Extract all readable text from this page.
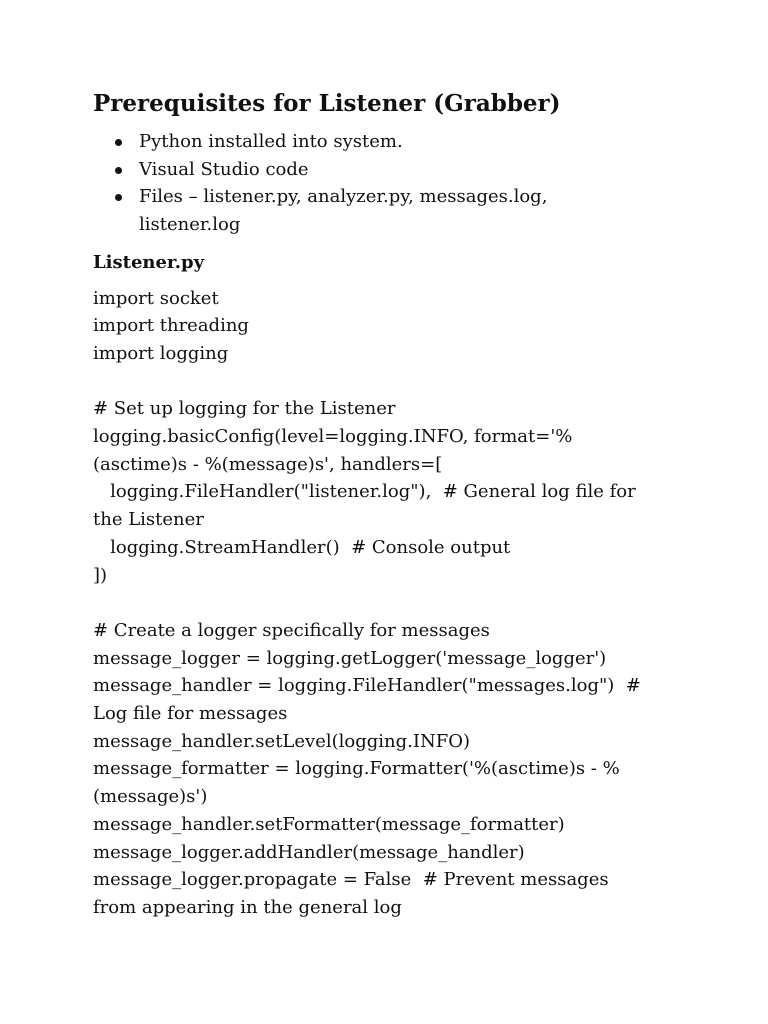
Prerequisites for Listener (Grabber)
Python installed into system.
Visual Studio code
Files – listener.py, analyzer.py, messages.log,
listener.log
Listener.py
import socket
import threading
import logging
# Set up logging for the Listener
logging.basicConfig(level=logging.INFO, format='%
(asctime)s - %(message)s', handlers=[
logging.FileHandler("listener.log"),  # General log file for
the Listener
logging.StreamHandler()  # Console output
])
# Create a logger specifically for messages
message_logger = logging.getLogger('message_logger')
message_handler = logging.FileHandler("messages.log")  #
Log file for messages
message_handler.setLevel(logging.INFO)
message_formatter = logging.Formatter('%(asctime)s - %
(message)s')
message_handler.setFormatter(message_formatter)
message_logger.addHandler(message_handler)
message_logger.propagate = False  # Prevent messages
from appearing in the general log
